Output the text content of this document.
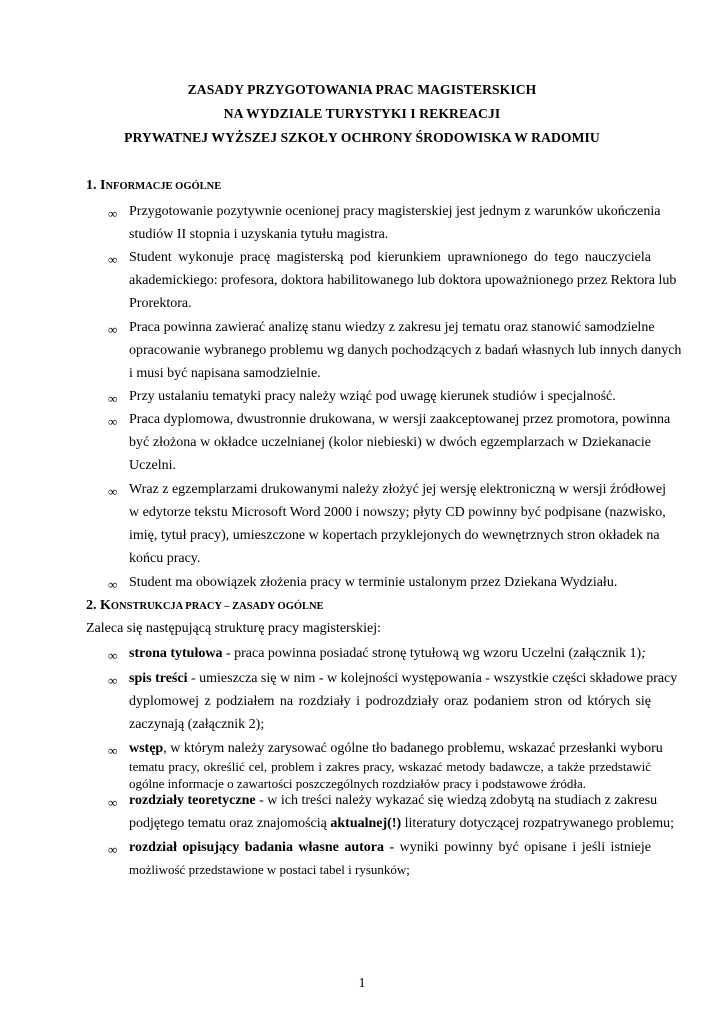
ZASADY PRZYGOTOWANIA PRAC MAGISTERSKICH
NA WYDZIALE TURYSTYKI I REKREACJI
PRYWATNEJ WYŻSZEJ SZKOŁY OCHRONY ŚRODOWISKA W RADOMIU
1. INFORMACJE OGÓLNE
∞ Przygotowanie pozytywnie ocenionej pracy magisterskiej jest jednym z warunków ukończenia
studiów II stopnia i uzyskania tytułu magistra.
∞ Student wykonuje pracę magisterską pod kierunkiem uprawnionego do tego nauczyciela
akademickiego: profesora, doktora habilitowanego lub doktora upoważnionego przez Rektora lub
Prorektora.
∞ Praca powinna zawierać analizę stanu wiedzy z zakresu jej tematu oraz stanowić samodzielne
opracowanie wybranego problemu wg danych pochodzących z badań własnych lub innych danych
i musi być napisana samodzielnie.
∞ Przy ustalaniu tematyki pracy należy wziąć pod uwagę kierunek studiów i specjalność.
∞ Praca dyplomowa, dwustronnie drukowana, w wersji zaakceptowanej przez promotora, powinna
być złożona w okładce uczelnianej (kolor niebieski) w dwóch egzemplarzach w Dziekanacie
Uczelni.
∞ Wraz z egzemplarzami drukowanymi należy złożyć jej wersję elektroniczną w wersji źródłowej
w edytorze tekstu Microsoft Word 2000 i nowszy; płyty CD powinny być podpisane (nazwisko,
imię, tytuł pracy), umieszczone w kopertach przyklejonych do wewnętrznych stron okładek na
końcu pracy.
∞ Student ma obowiązek złożenia pracy w terminie ustalonym przez Dziekana Wydziału.
2. KONSTRUKCJA PRACY – ZASADY OGÓLNE
Zaleca się następującą strukturę pracy magisterskiej:
∞ strona tytułowa - praca powinna posiadać stronę tytułową wg wzoru Uczelni (załącznik 1);
∞ spis treści - umieszcza się w nim - w kolejności występowania - wszystkie części składowe pracy
dyplomowej z podziałem na rozdziały i podrozdziały oraz podaniem stron od których się
zaczynają (załącznik 2);
∞ wstęp, w którym należy zarysować ogólne tło badanego problemu, wskazać przesłanki wyboru
tematu pracy, określić cel, problem i zakres pracy, wskazać metody badawcze, a także przedstawić
ogólne informacje o zawartości poszczególnych rozdziałów pracy i podstawowe źródła.
∞ rozdziały teoretyczne - w ich treści należy wykazać się wiedzą zdobytą na studiach z zakresu
podjętego tematu oraz znajomością aktualnej(!) literatury dotyczącej rozpatrywanego problemu;
∞ rozdział opisujący badania własne autora - wyniki powinny być opisane i jeśli istnieje
możliwość przedstawione w postaci tabel i rysunków;
1
